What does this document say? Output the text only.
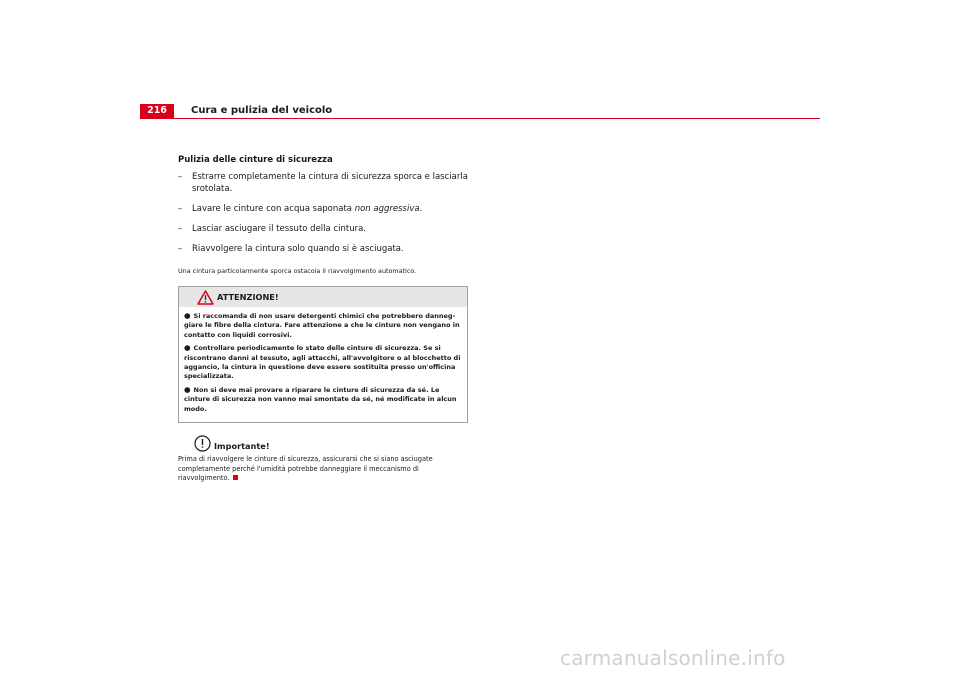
216	Cura e pulizia del veicolo
Pulizia delle cinture di sicurezza
– Estrarre completamente la cintura di sicurezza sporca e lasciarla srotolata.
– Lavare le cinture con acqua saponata non aggressiva.
– Lasciar asciugare il tessuto della cintura.
– Riavvolgere la cintura solo quando si è asciugata.
Una cintura particolarmente sporca ostacola il riavvolgimento automatico.
ATTENZIONE!
● Si raccomanda di non usare detergenti chimici che potrebbero danneg-giare le fibre della cintura. Fare attenzione a che le cinture non vengano in contatto con liquidi corrosivi.
● Controllare periodicamente lo stato delle cinture di sicurezza. Se si riscontrano danni al tessuto, agli attacchi, all'avvolgitore o al blocchetto di aggancio, la cintura in questione deve essere sostituita presso un'officina specializzata.
● Non si deve mai provare a riparare le cinture di sicurezza da sé. Le cinture di sicurezza non vanno mai smontate da sé, né modificate in alcun modo.
Importante!
Prima di riavvolgere le cinture di sicurezza, assicurarsi che si siano asciugate completamente perché l'umidità potrebbe danneggiare il meccanismo di riavvolgimento.
carmanualsonline.info
